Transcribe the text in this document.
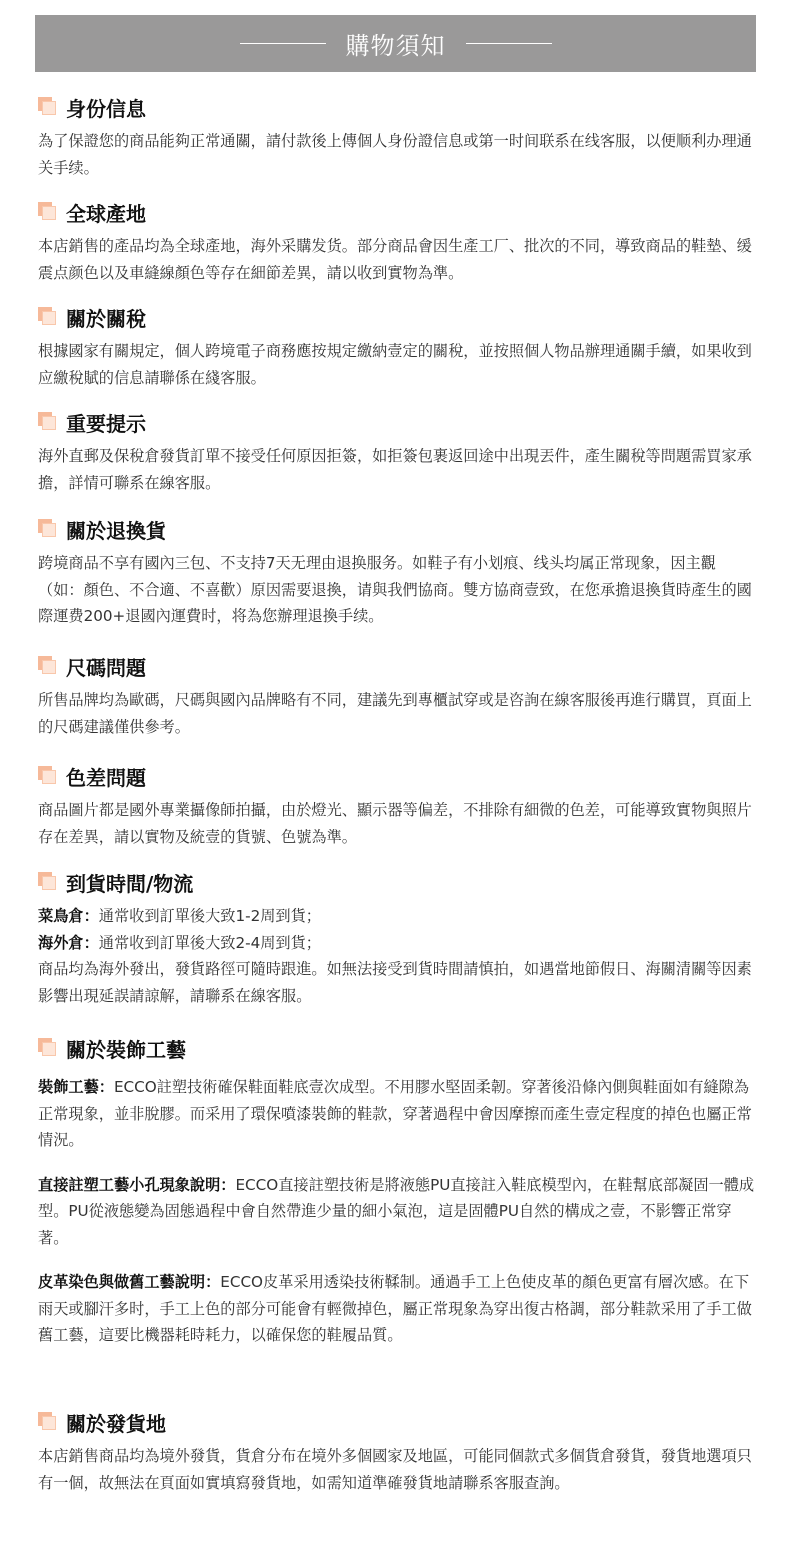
購物須知
身份信息

為了保證您的商品能夠正常通關，請付款後上傳個人身份證信息或第一时间联系在线客服，以便顺利办理通关手续。

全球產地

本店銷售的產品均為全球產地，海外采購发货。部分商品會因生產工厂、批次的不同，導致商品的鞋墊、缓震点颜色以及車縫線顏色等存在細節差異，請以收到實物為準。

關於關稅

根據國家有關規定，個人跨境電子商務應按規定繳納壹定的關稅，並按照個人物品辦理通關手續，如果收到应繳稅賦的信息請聯係在綫客服。

重要提示

海外直郵及保稅倉發貨訂單不接受任何原因拒簽，如拒簽包裹返回途中出現丟件，產生關稅等問題需買家承擔，詳情可聯系在線客服。

關於退換貨

跨境商品不享有國內三包、不支持7天无理由退换服务。如鞋子有小划痕、线头均属正常现象，因主觀（如：顏色、不合適、不喜歡）原因需要退換，请與我們協商。雙方協商壹致，在您承擔退換貨時產生的國際運费200+退國內運費时，将為您辦理退換手续。

尺碼問題

所售品牌均為歐碼，尺碼與國內品牌略有不同，建議先到專櫃試穿或是咨詢在線客服後再進行購買，頁面上的尺碼建議僅供參考。

色差問題

商品圖片都是國外專業攝像師拍攝，由於燈光、顯示器等偏差，不排除有細微的色差，可能導致實物與照片存在差異，請以實物及統壹的貨號、色號為準。

到貨時間/物流

菜鳥倉：通常收到訂單後大致1-2周到貨；

海外倉：通常收到訂單後大致2-4周到貨；

商品均為海外發出，發貨路徑可隨時跟進。如無法接受到貨時間請慎拍，如遇當地節假日、海關清關等因素影響出現延誤請諒解，請聯系在線客服。

關於裝飾工藝

裝飾工藝：ECCO註塑技術確保鞋面鞋底壹次成型。不用膠水堅固柔韌。穿著後沿條內側與鞋面如有縫隙為正常現象，並非脫膠。而采用了環保噴漆裝飾的鞋款，穿著過程中會因摩擦而產生壹定程度的掉色也屬正常情況。

直接註塑工藝小孔現象說明：ECCO直接註塑技術是將液態PU直接註入鞋底模型內，在鞋幫底部凝固一體成型。PU從液態變為固態過程中會自然帶進少量的細小氣泡，這是固體PU自然的構成之壹，不影響正常穿著。

皮革染色與做舊工藝說明：ECCO皮革采用透染技術鞣制。通過手工上色使皮革的顏色更富有層次感。在下雨天或腳汗多时，手工上色的部分可能會有輕微掉色，屬正常現象為穿出復古格調，部分鞋款采用了手工做舊工藝，這要比機器耗時耗力，以確保您的鞋履品質。

關於發貨地

本店銷售商品均為境外發貨，貨倉分布在境外多個國家及地區，可能同個款式多個貨倉發貨，發貨地選項只有一個，故無法在頁面如實填寫發貨地，如需知道準確發貨地請聯系客服查詢。
